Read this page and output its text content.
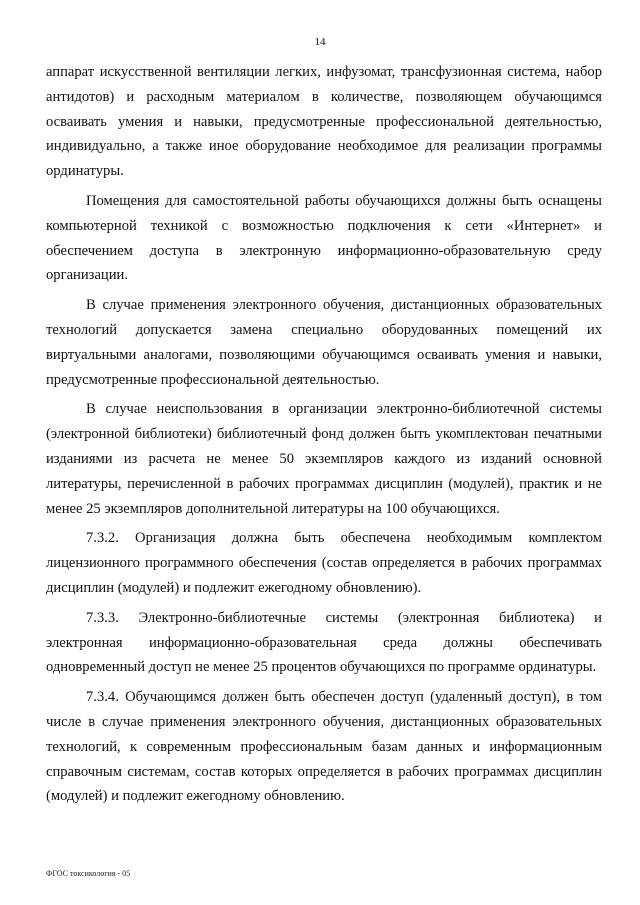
14

аппарат искусственной вентиляции легких, инфузомат, трансфузионная система, набор антидотов) и расходным материалом в количестве, позволяющем обучающимся осваивать умения и навыки, предусмотренные профессиональной деятельностью, индивидуально, а также иное оборудование необходимое для реализации программы ординатуры.

Помещения для самостоятельной работы обучающихся должны быть оснащены компьютерной техникой с возможностью подключения к сети «Интернет» и обеспечением доступа в электронную информационно-образовательную среду организации.

В случае применения электронного обучения, дистанционных образовательных технологий допускается замена специально оборудованных помещений их виртуальными аналогами, позволяющими обучающимся осваивать умения и навыки, предусмотренные профессиональной деятельностью.

В случае неиспользования в организации электронно-библиотечной системы (электронной библиотеки) библиотечный фонд должен быть укомплектован печатными изданиями из расчета не менее 50 экземпляров каждого из изданий основной литературы, перечисленной в рабочих программах дисциплин (модулей), практик и не менее 25 экземпляров дополнительной литературы на 100 обучающихся.

7.3.2. Организация должна быть обеспечена необходимым комплектом лицензионного программного обеспечения (состав определяется в рабочих программах дисциплин (модулей) и подлежит ежегодному обновлению).

7.3.3. Электронно-библиотечные системы (электронная библиотека) и электронная информационно-образовательная среда должны обеспечивать одновременный доступ не менее 25 процентов обучающихся по программе ординатуры.

7.3.4. Обучающимся должен быть обеспечен доступ (удаленный доступ), в том числе в случае применения электронного обучения, дистанционных образовательных технологий, к современным профессиональным базам данных и информационным справочным системам, состав которых определяется в рабочих программах дисциплин (модулей) и подлежит ежегодному обновлению.

ФГОС токсикология - 05
